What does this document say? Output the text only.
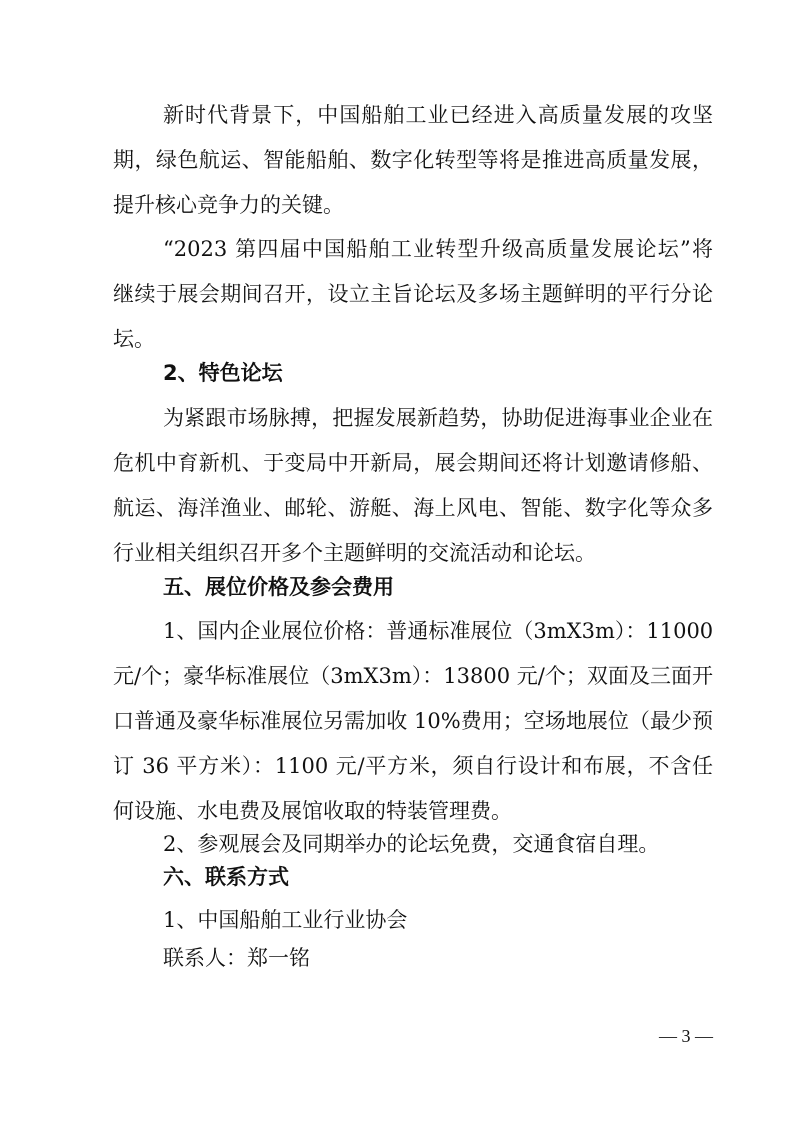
新时代背景下，中国船舶工业已经进入高质量发展的攻坚
期，绿色航运、智能船舶、数字化转型等将是推进高质量发展，
提升核心竞争力的关键。
“2023 第四届中国船舶工业转型升级高质量发展论坛”将
继续于展会期间召开，设立主旨论坛及多场主题鲜明的平行分论
坛。
2、特色论坛
为紧跟市场脉搏，把握发展新趋势，协助促进海事业企业在
危机中育新机、于变局中开新局，展会期间还将计划邀请修船、
航运、海洋渔业、邮轮、游艇、海上风电、智能、数字化等众多
行业相关组织召开多个主题鲜明的交流活动和论坛。
五、展位价格及参会费用
1、国内企业展位价格：普通标准展位（3mX3m）：11000
元/个；豪华标准展位（3mX3m）：13800 元/个；双面及三面开
口普通及豪华标准展位另需加收 10%费用；空场地展位（最少预
订 36 平方米）：1100 元/平方米，须自行设计和布展，不含任
何设施、水电费及展馆收取的特装管理费。
2、参观展会及同期举办的论坛免费，交通食宿自理。
六、联系方式
1、中国船舶工业行业协会
联系人：郑一铭
— 3 —
